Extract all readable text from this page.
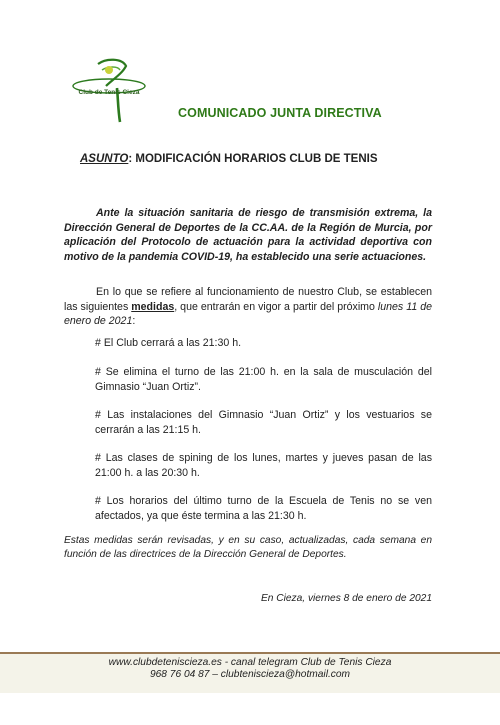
Club de Tenis Cieza
COMUNICADO JUNTA DIRECTIVA
ASUNTO: MODIFICACIÓN HORARIOS CLUB DE TENIS

Ante la situación sanitaria de riesgo de transmisión extrema, la Dirección General de Deportes de la CC.AA. de la Región de Murcia, por aplicación del Protocolo de actuación para la actividad deportiva con motivo de la pandemia COVID-19, ha establecido una serie actuaciones.

En lo que se refiere al funcionamiento de nuestro Club, se establecen las siguientes medidas, que entrarán en vigor a partir del próximo lunes 11 de enero de 2021:

# El Club cerrará a las 21:30 h.

# Se elimina el turno de las 21:00 h. en la sala de musculación del Gimnasio “Juan Ortiz”.

# Las instalaciones del Gimnasio “Juan Ortiz” y los vestuarios se cerrarán a las 21:15 h.

# Las clases de spining de los lunes, martes y jueves pasan de las 21:00 h. a las 20:30 h.

# Los horarios del último turno de la Escuela de Tenis no se ven afectados, ya que éste termina a las 21:30 h.

Estas medidas serán revisadas, y en su caso, actualizadas, cada semana en función de las directrices de la Dirección General de Deportes.

En Cieza, viernes 8 de enero de 2021
www.clubdetenisciezа.es - canal telegram Club de Tenis Cieza
968 76 04 87 – clubtenisciezа@hotmail.com
